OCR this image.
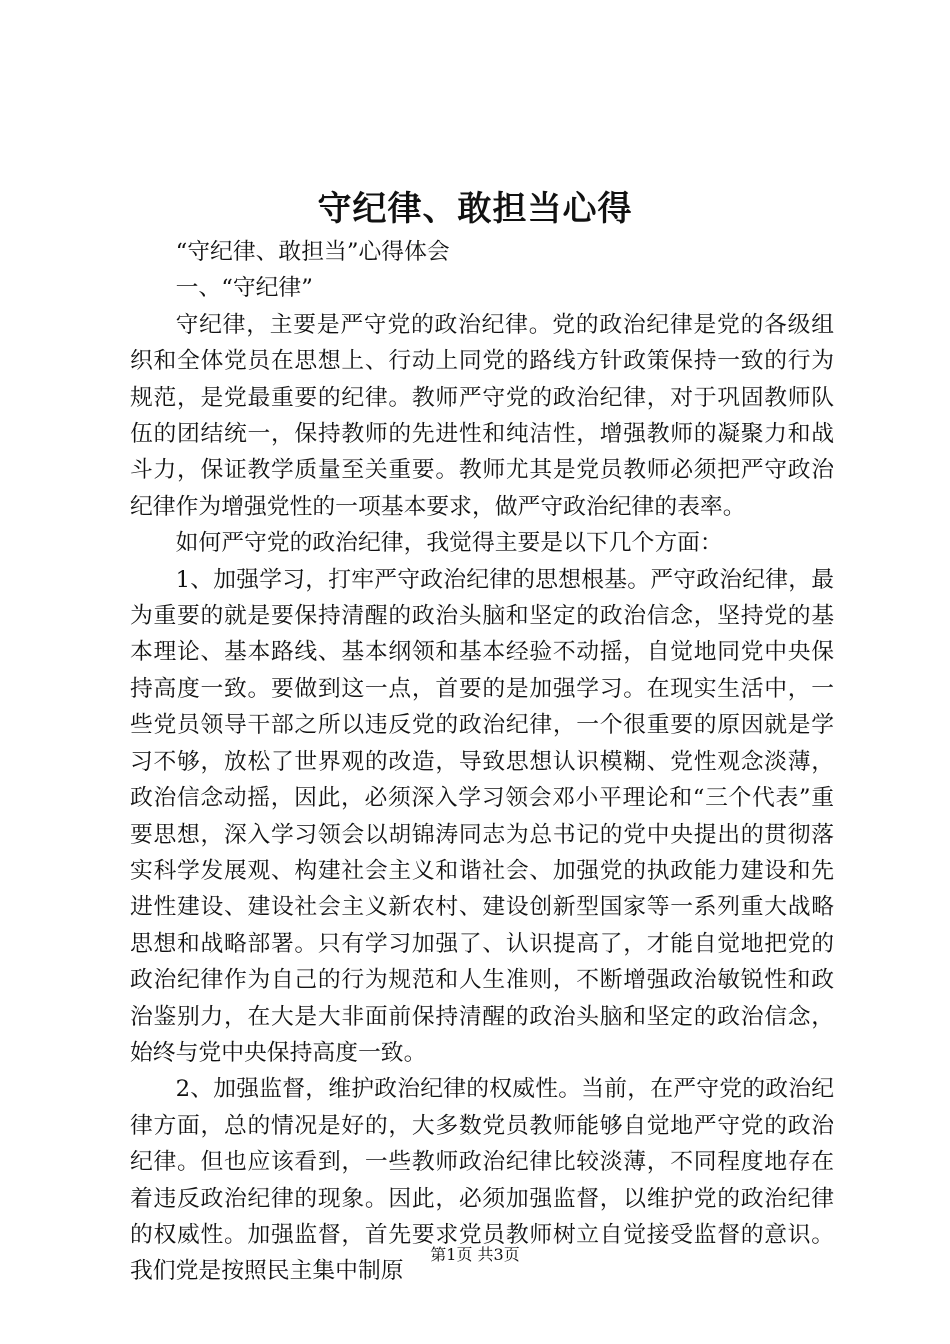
守纪律、敢担当心得

“守纪律、敢担当”心得体会

一、“守纪律”

守纪律，主要是严守党的政治纪律。党的政治纪律是党的各级组织和全体党员在思想上、行动上同党的路线方针政策保持一致的行为规范，是党最重要的纪律。教师严守党的政治纪律，对于巩固教师队伍的团结统一，保持教师的先进性和纯洁性，增强教师的凝聚力和战斗力，保证教学质量至关重要。教师尤其是党员教师必须把严守政治纪律作为增强党性的一项基本要求，做严守政治纪律的表率。

如何严守党的政治纪律，我觉得主要是以下几个方面：

1、加强学习，打牢严守政治纪律的思想根基。严守政治纪律，最为重要的就是要保持清醒的政治头脑和坚定的政治信念，坚持党的基本理论、基本路线、基本纲领和基本经验不动摇，自觉地同党中央保持高度一致。要做到这一点，首要的是加强学习。在现实生活中，一些党员领导干部之所以违反党的政治纪律，一个很重要的原因就是学习不够，放松了世界观的改造，导致思想认识模糊、党性观念淡薄，政治信念动摇，因此，必须深入学习领会邓小平理论和“三个代表”重要思想，深入学习领会以胡锦涛同志为总书记的党中央提出的贯彻落实科学发展观、构建社会主义和谐社会、加强党的执政能力建设和先进性建设、建设社会主义新农村、建设创新型国家等一系列重大战略思想和战略部署。只有学习加强了、认识提高了，才能自觉地把党的政治纪律作为自己的行为规范和人生准则，不断增强政治敏锐性和政治鉴别力，在大是大非面前保持清醒的政治头脑和坚定的政治信念，始终与党中央保持高度一致。

2、加强监督，维护政治纪律的权威性。当前，在严守党的政治纪律方面，总的情况是好的，大多数党员教师能够自觉地严守党的政治纪律。但也应该看到，一些教师政治纪律比较淡薄，不同程度地存在着违反政治纪律的现象。因此，必须加强监督，以维护党的政治纪律的权威性。加强监督，首先要求党员教师树立自觉接受监督的意识。我们党是按照民主集中制原

第1页 共3页
